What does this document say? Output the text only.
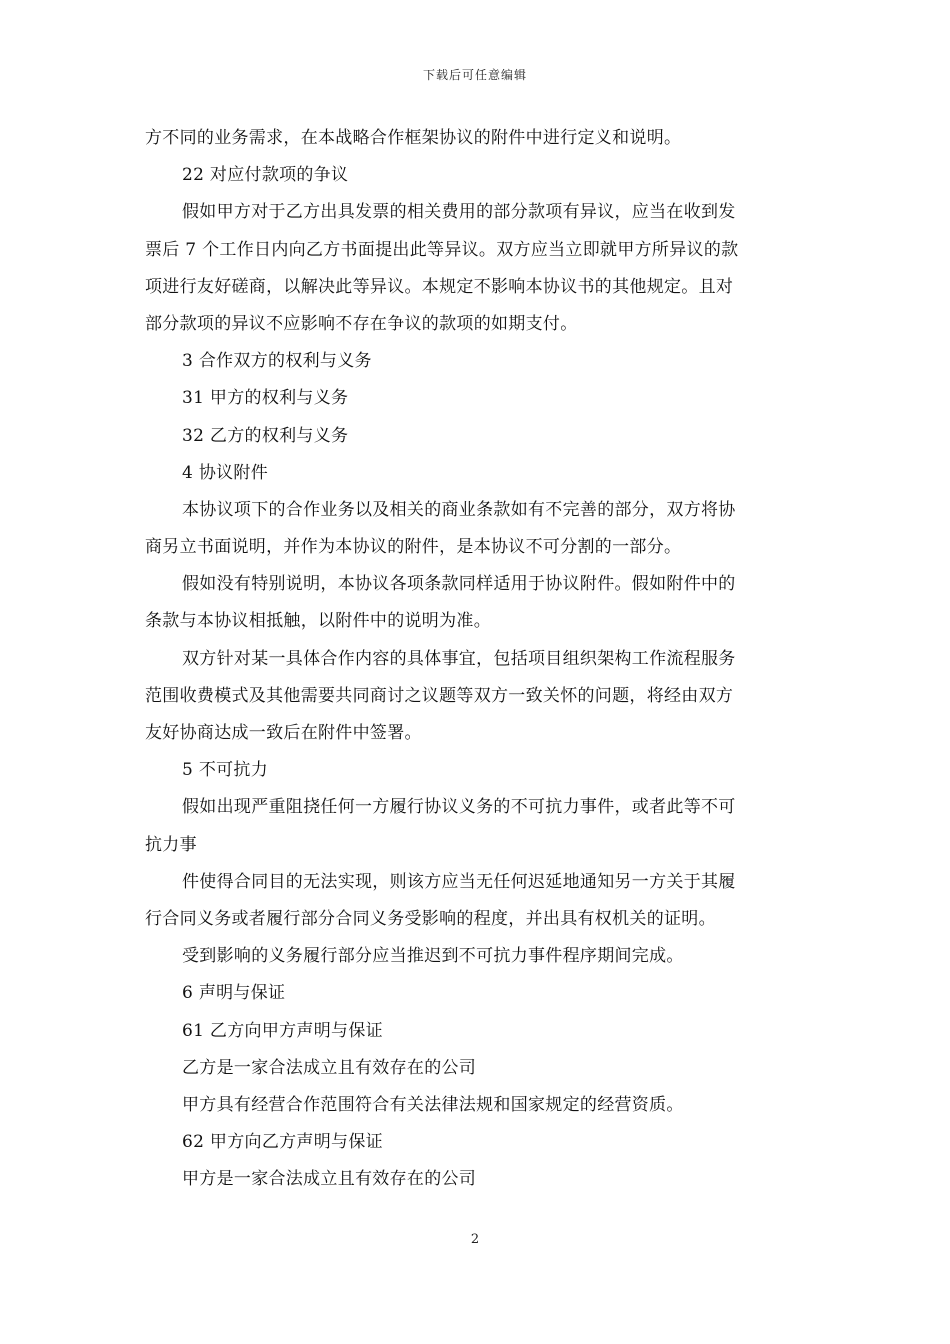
下载后可任意编辑
方不同的业务需求，在本战略合作框架协议的附件中进行定义和说明。
22 对应付款项的争议
假如甲方对于乙方出具发票的相关费用的部分款项有异议，应当在收到发
票后 7 个工作日内向乙方书面提出此等异议。双方应当立即就甲方所异议的款
项进行友好磋商，以解决此等异议。本规定不影响本协议书的其他规定。且对
部分款项的异议不应影响不存在争议的款项的如期支付。
3 合作双方的权利与义务
31 甲方的权利与义务
32 乙方的权利与义务
4 协议附件
本协议项下的合作业务以及相关的商业条款如有不完善的部分，双方将协
商另立书面说明，并作为本协议的附件，是本协议不可分割的一部分。
假如没有特别说明，本协议各项条款同样适用于协议附件。假如附件中的
条款与本协议相抵触，以附件中的说明为准。
双方针对某一具体合作内容的具体事宜，包括项目组织架构工作流程服务
范围收费模式及其他需要共同商讨之议题等双方一致关怀的问题，将经由双方
友好协商达成一致后在附件中签署。
5 不可抗力
假如出现严重阻挠任何一方履行协议义务的不可抗力事件，或者此等不可
抗力事
件使得合同目的无法实现，则该方应当无任何迟延地通知另一方关于其履
行合同义务或者履行部分合同义务受影响的程度，并出具有权机关的证明。
受到影响的义务履行部分应当推迟到不可抗力事件程序期间完成。
6 声明与保证
61 乙方向甲方声明与保证
乙方是一家合法成立且有效存在的公司
甲方具有经营合作范围符合有关法律法规和国家规定的经营资质。
62 甲方向乙方声明与保证
甲方是一家合法成立且有效存在的公司
2
